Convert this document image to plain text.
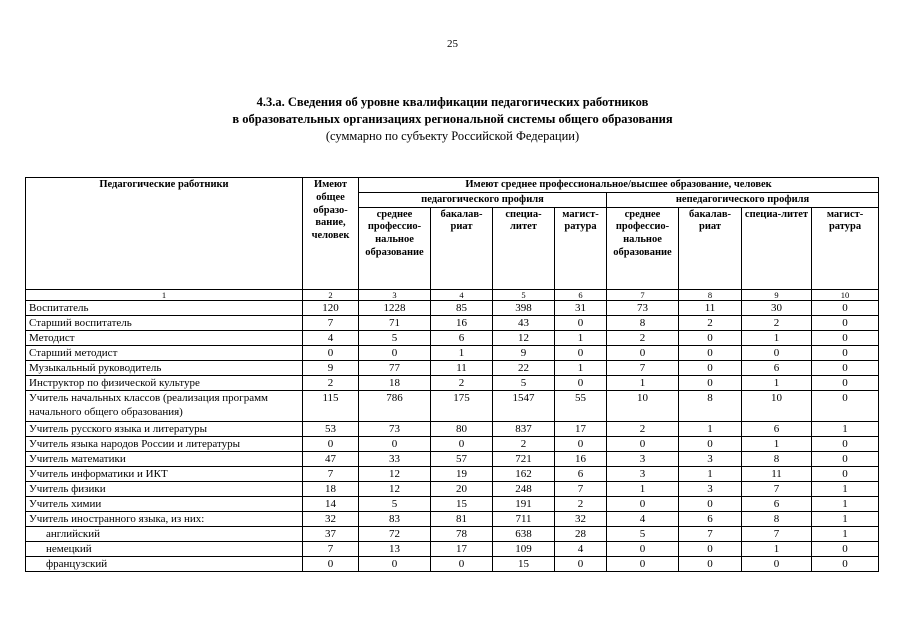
25
4.3.а. Сведения об уровне квалификации педагогических работников
в образовательных организациях региональной системы общего образования
(суммарно по субъекту Российской Федерации)
Педагогические работники	Имеют общее образо-вание, человек	Имеют среднее профессиональное/высшее образование, человек							
		педагогического профиля				непедагогического профиля			
		среднее профессио-нальное образование	бакалав-риат	специа-литет	магист-ратура	среднее профессио-нальное образование	бакалав-риат	специа-литет	магист-ратура
1	2	3	4	5	6	7	8	9	10
Воспитатель	120	1228	85	398	31	73	11	30	0
Старший воспитатель	7	71	16	43	0	8	2	2	0
Методист	4	5	6	12	1	2	0	1	0
Старший методист	0	0	1	9	0	0	0	0	0
Музыкальный руководитель	9	77	11	22	1	7	0	6	0
Инструктор по физической культуре	2	18	2	5	0	1	0	1	0
Учитель начальных классов (реализация программ начального общего образования)	115	786	175	1547	55	10	8	10	0
Учитель русского языка и литературы	53	73	80	837	17	2	1	6	1
Учитель языка народов России и литературы	0	0	0	2	0	0	0	1	0
Учитель математики	47	33	57	721	16	3	3	8	0
Учитель информатики и ИКТ	7	12	19	162	6	3	1	11	0
Учитель физики	18	12	20	248	7	1	3	7	1
Учитель химии	14	5	15	191	2	0	0	6	1
Учитель иностранного языка, из них:	32	83	81	711	32	4	6	8	1
английский	37	72	78	638	28	5	7	7	1
немецкий	7	13	17	109	4	0	0	1	0
французский	0	0	0	15	0	0	0	0	0
